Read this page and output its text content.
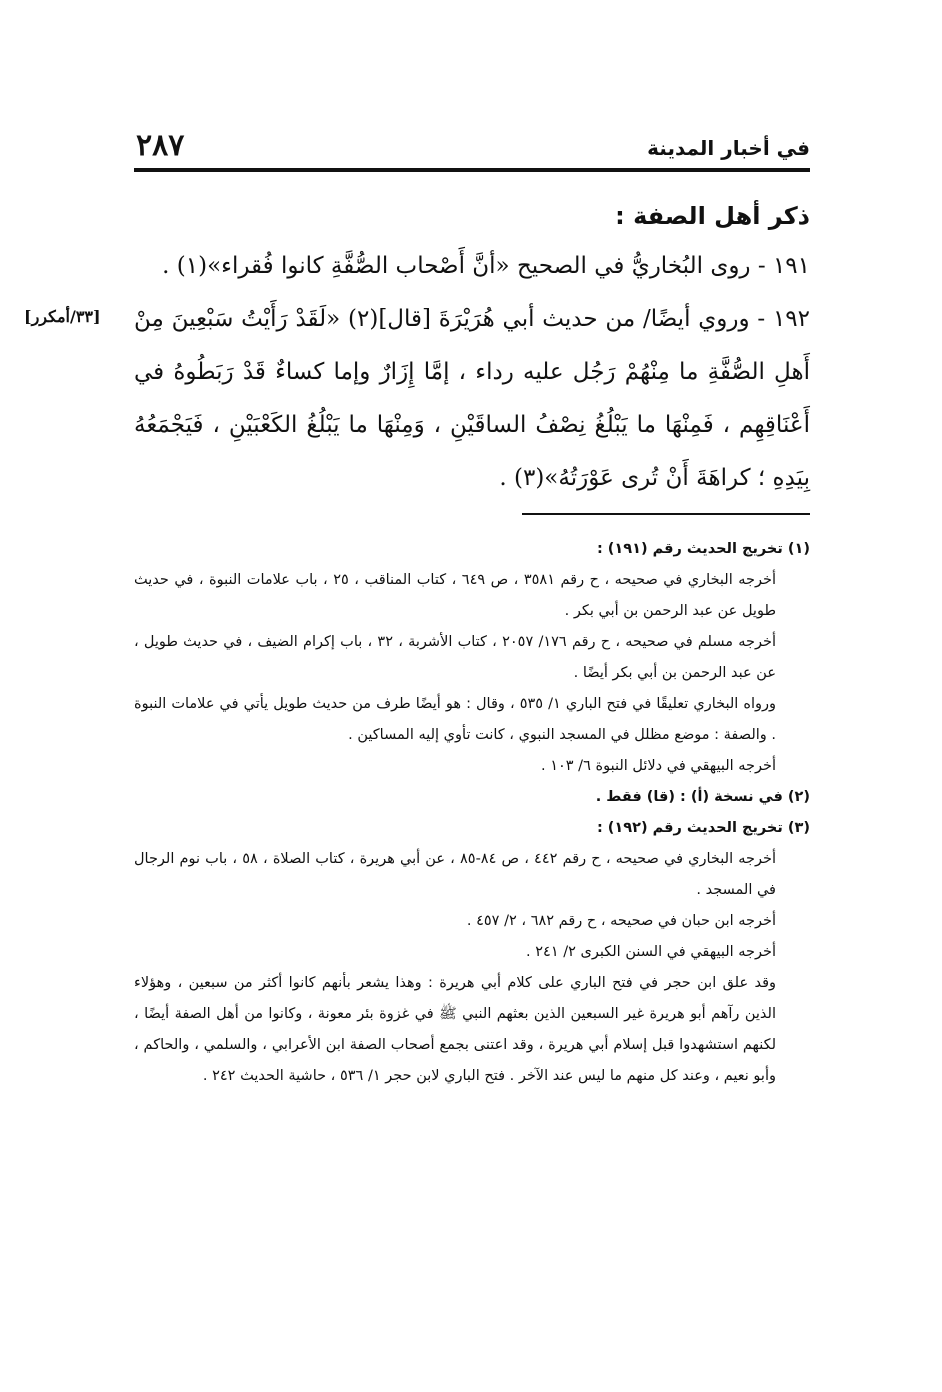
٢٨٧	في أخبار المدينة
[٣٣/أمكرر]

ذكر أهل الصفة :

١٩١ - روى البُخاريُّ في الصحيح «أنَّ أَصْحاب الصُّفَّةِ كانوا فُقراء»(١) .

١٩٢ - وروي أيضًا/ من حديث أبي هُرَيْرَةَ [قال](٢) «لَقَدْ رَأَيْتُ سَبْعِينَ مِنْ أَهلِ الصُّفَّةِ ما مِنْهُمْ رَجُل عليه رداء ، إمَّا إِزَارٌ وإما كساءٌ قَدْ رَبَطُوهُ في أَعْنَاقِهِم ، فَمِنْهَا ما يَبْلُغُ نِصْفُ الساقَيْنِ ، وَمِنْهَا ما يَبْلُغُ الكَعْبَيْنِ ، فَيَجْمَعُهُ بِيَدِهِ ؛ كراهَةَ أَنْ تُرى عَوْرَتُهُ»(٣) .

(١) تخريج الحديث رقم (١٩١) :

أخرجه البخاري في صحيحه ، ح رقم ٣٥٨١ ، ص ٦٤٩ ، كتاب المناقب ، ٢٥ ، باب علامات النبوة ، في حديث طويل عن عبد الرحمن بن أبي بكر .

أخرجه مسلم في صحيحه ، ح رقم ١٧٦/ ٢٠٥٧ ، كتاب الأشربة ، ٣٢ ، باب إكرام الضيف ، في حديث طويل ، عن عبد الرحمن بن أبي بكر أيضًا .

ورواه البخاري تعليقًا في فتح الباري ١/ ٥٣٥ ، وقال : هو أيضًا طرف من حديث طويل يأتي في علامات النبوة . والصفة : موضع مظلل في المسجد النبوي ، كانت تأوي إليه المساكين .

أخرجه البيهقي في دلائل النبوة ٦/ ١٠٣ .

(٢) في نسخة (أ) : (قا) فقط .

(٣) تخريج الحديث رقم (١٩٢) :

أخرجه البخاري في صحيحه ، ح رقم ٤٤٢ ، ص ٨٤-٨٥ ، عن أبي هريرة ، كتاب الصلاة ، ٥٨ ، باب نوم الرجال في المسجد .

أخرجه ابن حبان في صحيحه ، ح رقم ٦٨٢ ، ٢/ ٤٥٧ .

أخرجه البيهقي في السنن الكبرى ٢/ ٢٤١ .

وقد علق ابن حجر في فتح الباري على كلام أبي هريرة : وهذا يشعر بأنهم كانوا أكثر من سبعين ، وهؤلاء الذين رآهم أبو هريرة غير السبعين الذين بعثهم النبي ﷺ في غزوة بئر معونة ، وكانوا من أهل الصفة أيضًا ، لكنهم استشهدوا قبل إسلام أبي هريرة ، وقد اعتنى بجمع أصحاب الصفة ابن الأعرابي ، والسلمي ، والحاكم ، وأبو نعيم ، وعند كل منهم ما ليس عند الآخر . فتح الباري لابن حجر ١/ ٥٣٦ ، حاشية الحديث ٢٤٢ .
